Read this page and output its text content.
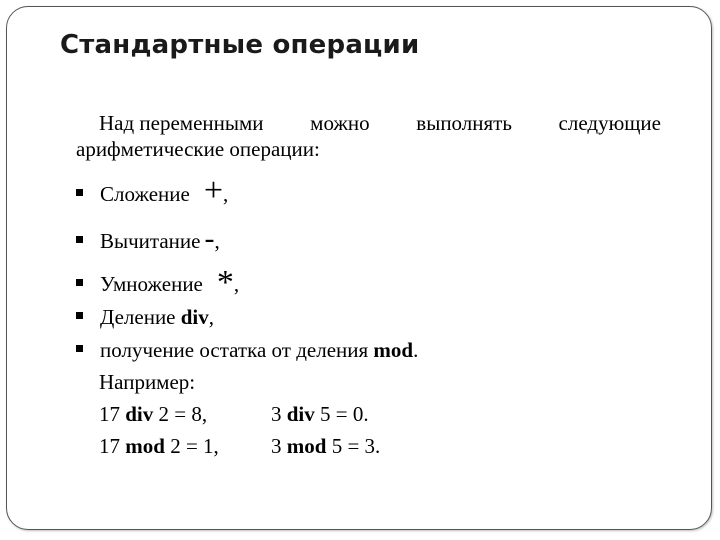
Стандартные операции
Над переменными можно выполнять следующие
арифметические операции:
Сложение + ,
Вычитание - ,
Умножение * ,
Деление
div ,
получение остатка от деления
mod .
Например:
17 div 2 = 8,	3 div 5 = 0.
17 mod 2 = 1, 3 mod 5 = 3.
